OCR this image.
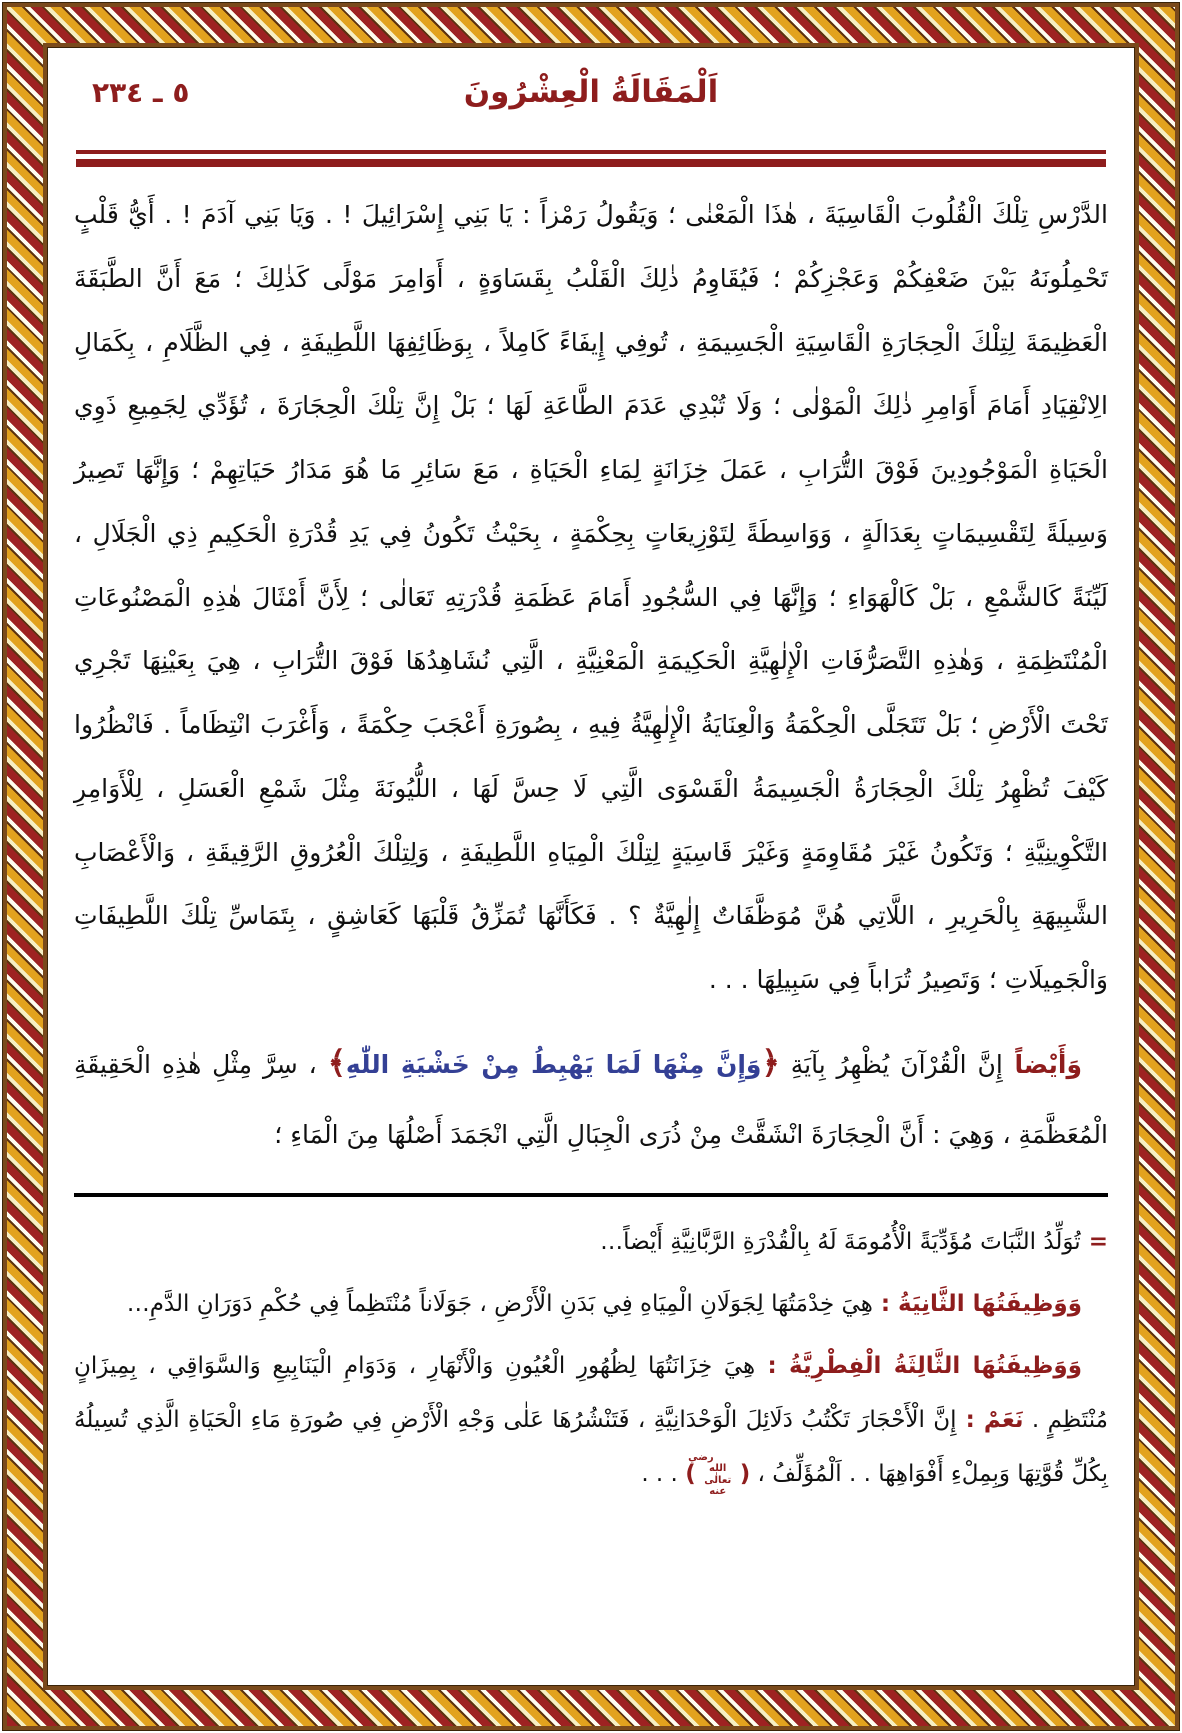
اَلْمَقَالَةُ الْعِشْرُونَ
٢٣٤ ـ ٥

الدَّرْسِ تِلْكَ الْقُلُوبَ الْقَاسِيَةَ ، هٰذَا الْمَعْنٰى ؛ وَيَقُولُ رَمْزاً : يَا بَنِي إِسْرَائِيلَ ! . وَيَا بَنِي آدَمَ ! . أَيُّ قَلْبٍ تَحْمِلُونَهُ بَيْنَ ضَعْفِكُمْ وَعَجْزِكُمْ ؛ فَيُقَاوِمُ ذٰلِكَ الْقَلْبُ بِقَسَاوَةٍ ، أَوَامِرَ مَوْلًى كَذٰلِكَ ؛ مَعَ أَنَّ الطَّبَقَةَ الْعَظِيمَةَ لِتِلْكَ الْحِجَارَةِ الْقَاسِيَةِ الْجَسِيمَةِ ، تُوفِي إِيفَاءً كَامِلاً ، بِوَظَائِفِهَا اللَّطِيفَةِ ، فِي الظَّلَامِ ، بِكَمَالِ الِانْقِيَادِ أَمَامَ أَوَامِرِ ذٰلِكَ الْمَوْلٰى ؛ وَلَا تُبْدِي عَدَمَ الطَّاعَةِ لَهَا ؛ بَلْ إِنَّ تِلْكَ الْحِجَارَةَ ، تُؤَدِّي لِجَمِيعِ ذَوِي الْحَيَاةِ الْمَوْجُودِينَ فَوْقَ التُّرَابِ ، عَمَلَ خِزَانَةٍ لِمَاءِ الْحَيَاةِ ، مَعَ سَائِرِ مَا هُوَ مَدَارُ حَيَاتِهِمْ ؛ وَإِنَّهَا تَصِيرُ وَسِيلَةً لِتَقْسِيمَاتٍ بِعَدَالَةٍ ، وَوَاسِطَةً لِتَوْزِيعَاتٍ بِحِكْمَةٍ ، بِحَيْثُ تَكُونُ فِي يَدِ قُدْرَةِ الْحَكِيمِ ذِي الْجَلَالِ ، لَيِّنَةً كَالشَّمْعِ ، بَلْ كَالْهَوَاءِ ؛ وَإِنَّهَا فِي السُّجُودِ أَمَامَ عَظَمَةِ قُدْرَتِهِ تَعَالٰى ؛ لِأَنَّ أَمْثَالَ هٰذِهِ الْمَصْنُوعَاتِ الْمُنْتَظِمَةِ ، وَهٰذِهِ التَّصَرُّفَاتِ الْإِلٰهِيَّةِ الْحَكِيمَةِ الْمَعْنِيَّةِ ، الَّتِي نُشَاهِدُهَا فَوْقَ التُّرَابِ ، هِيَ بِعَيْنِهَا تَجْرِي تَحْتَ الْأَرْضِ ؛ بَلْ تَتَجَلَّى الْحِكْمَةُ وَالْعِنَايَةُ الْإِلٰهِيَّةُ فِيهِ ، بِصُورَةِ أَعْجَبَ حِكْمَةً ، وَأَغْرَبَ انْتِظَاماً . فَانْظُرُوا كَيْفَ تُظْهِرُ تِلْكَ الْحِجَارَةُ الْجَسِيمَةُ الْقَسْوَى الَّتِي لَا حِسَّ لَهَا ، اللُّيُونَةَ مِثْلَ شَمْعِ الْعَسَلِ ، لِلْأَوَامِرِ التَّكْوِينِيَّةِ ؛ وَتَكُونُ غَيْرَ مُقَاوِمَةٍ وَغَيْرَ قَاسِيَةٍ لِتِلْكَ الْمِيَاهِ اللَّطِيفَةِ ، وَلِتِلْكَ الْعُرُوقِ الرَّقِيقَةِ ، وَالْأَعْصَابِ الشَّبِيهَةِ بِالْحَرِيرِ ، اللَّاتِي هُنَّ مُوَظَّفَاتٌ إِلٰهِيَّةٌ ؟ . فَكَأَنَّهَا تُمَزِّقُ قَلْبَهَا كَعَاشِقٍ ، بِتَمَاسِّ تِلْكَ اللَّطِيفَاتِ وَالْجَمِيلَاتِ ؛ وَتَصِيرُ تُرَاباً فِي سَبِيلِهَا . . .

وَأَيْضاً إِنَّ الْقُرْآنَ يُظْهِرُ بِآيَةِ ﴿وَإِنَّ مِنْهَا لَمَا يَهْبِطُ مِنْ خَشْيَةِ اللّٰهِ﴾ ، سِرَّ مِثْلِ هٰذِهِ الْحَقِيقَةِ الْمُعَظَّمَةِ ، وَهِيَ : أَنَّ الْحِجَارَةَ انْشَقَّتْ مِنْ ذُرَى الْجِبَالِ الَّتِي انْجَمَدَ أَصْلُهَا مِنَ الْمَاءِ ؛

= تُوَلِّدُ النَّبَاتَ مُؤَدِّيَةً الْأُمُومَةَ لَهُ بِالْقُدْرَةِ الرَّبَّانِيَّةِ أَيْضاً…

وَوَظِيفَتُهَا الثَّانِيَةُ : هِيَ خِدْمَتُهَا لِجَوَلَانِ الْمِيَاهِ فِي بَدَنِ الْأَرْضِ ، جَوَلَاناً مُنْتَظِماً فِي حُكْمِ دَوَرَانِ الدَّمِ…

وَوَظِيفَتُهَا الثَّالِثَةُ الْفِطْرِيَّةُ : هِيَ خِزَانَتُهَا لِظُهُورِ الْعُيُونِ وَالْأَنْهَارِ ، وَدَوَامِ الْيَنَابِيعِ وَالسَّوَاقِي ، بِمِيزَانٍ مُنْتَظِمٍ . نَعَمْ : إِنَّ الْأَحْجَارَ تَكْتُبُ دَلَائِلَ الْوَحْدَانِيَّةِ ، فَتَنْشُرُهَا عَلٰى وَجْهِ الْأَرْضِ فِي صُورَةِ مَاءِ الْحَيَاةِ الَّذِي تُسِيلُهُ بِكُلِّ قُوَّتِهَا وَبِمِلْءِ أَفْوَاهِهَا . . اَلْمُؤَلِّفُ ، (رضي الله تعالٰى عنه) . . .
